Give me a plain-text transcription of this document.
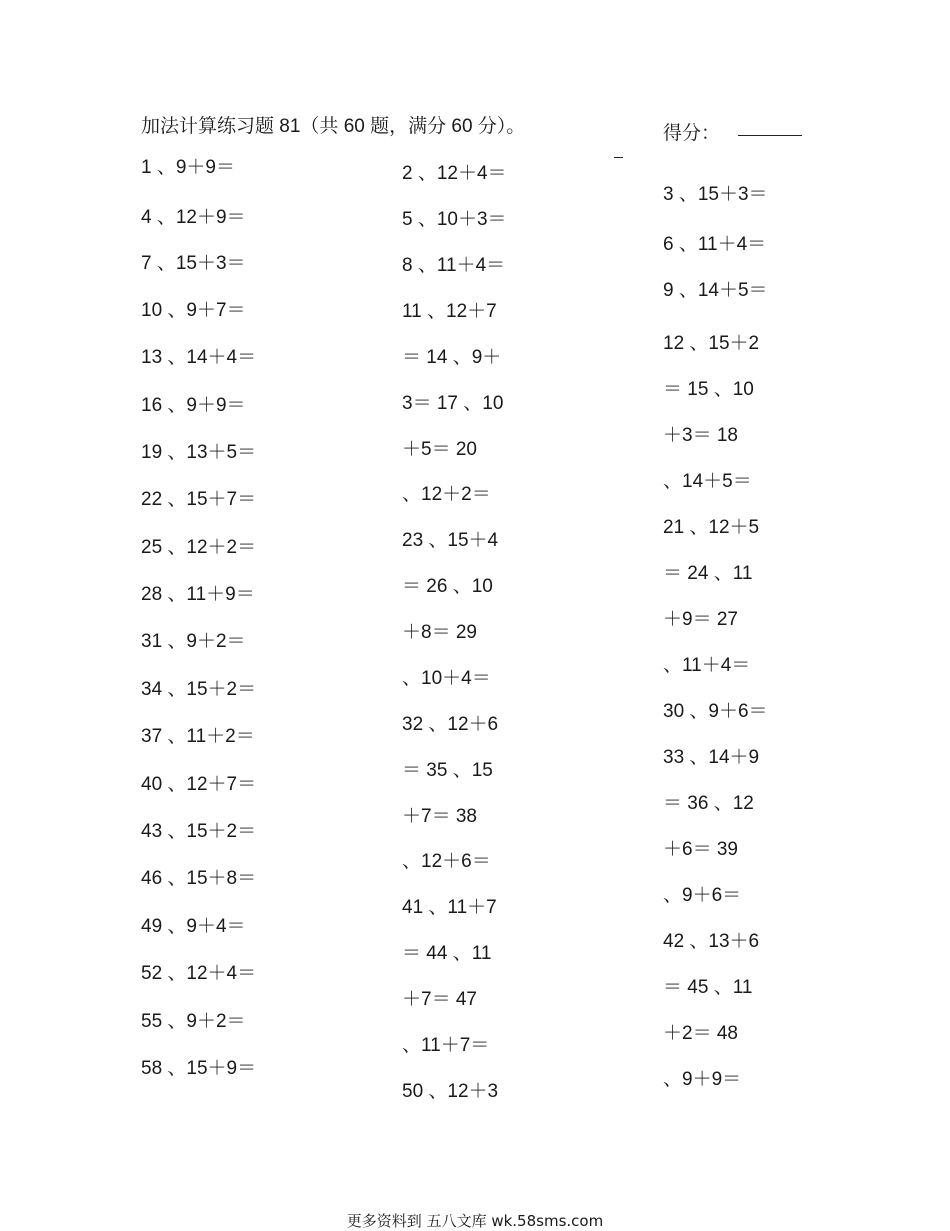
加法计算练习题 81（共 60 题，满分 60 分）。	得分：
1 、9＋9＝
4 、12＋9＝
7 、15＋3＝
10 、9＋7＝
13 、14＋4＝
16 、9＋9＝
19 、13＋5＝
22 、15＋7＝
25 、12＋2＝
28 、11＋9＝
31 、9＋2＝
34 、15＋2＝
37 、11＋2＝
40 、12＋7＝
43 、15＋2＝
46 、15＋8＝
49 、9＋4＝
52 、12＋4＝
55 、9＋2＝
58 、15＋9＝
2 、12＋4＝
5 、10＋3＝
8 、11＋4＝
11 、12＋7
＝ 14 、9＋
3＝ 17 、10
＋5＝ 20
、12＋2＝
23 、15＋4
＝ 26 、10
＋8＝ 29
、10＋4＝
32 、12＋6
＝ 35 、15
＋7＝ 38
、12＋6＝
41 、11＋7
＝ 44 、11
＋7＝ 47
、11＋7＝
50 、12＋3
3 、15＋3＝
6 、11＋4＝
9 、14＋5＝
12 、15＋2
＝ 15 、10
＋3＝ 18
、14＋5＝
21 、12＋5
＝ 24 、11
＋9＝ 27
、11＋4＝
30 、9＋6＝
33 、14＋9
＝ 36 、12
＋6＝ 39
、9＋6＝
42 、13＋6
＝ 45 、11
＋2＝ 48
、9＋9＝
更多资料到 五八文库 wk.58sms.com
